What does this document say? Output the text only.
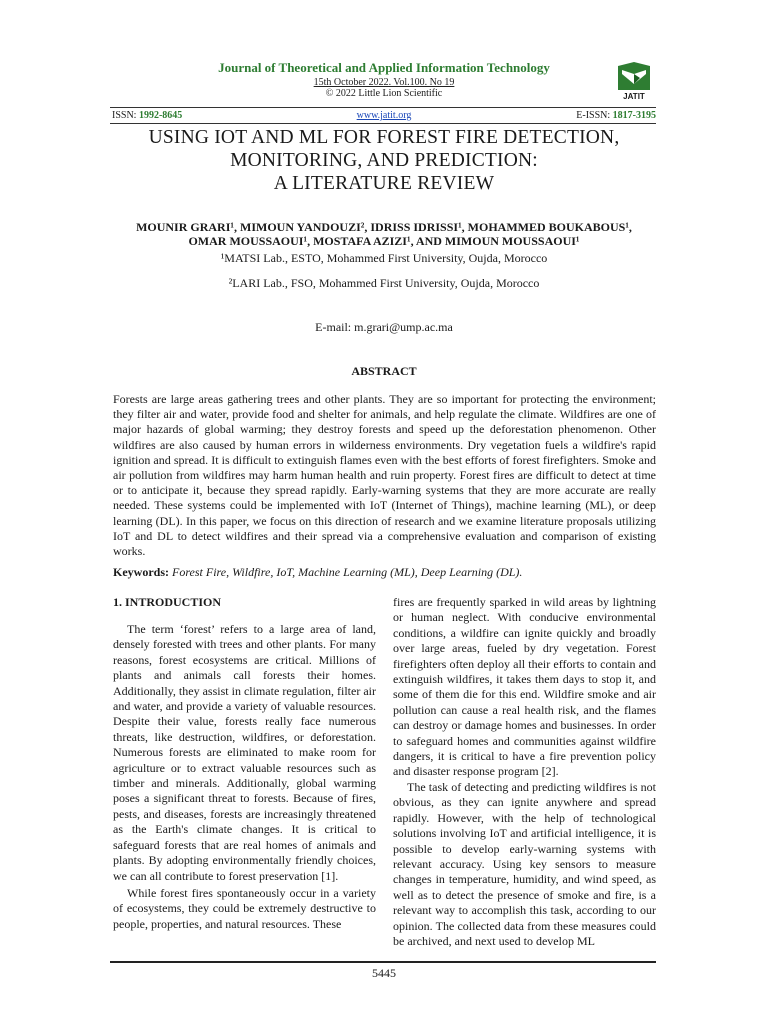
Journal of Theoretical and Applied Information Technology
15th October 2022. Vol.100. No 19
© 2022 Little Lion Scientific	JATIT
ISSN: 1992-8645	www.jatit.org	E-ISSN: 1817-3195
USING IOT AND ML FOR FOREST FIRE DETECTION,
MONITORING, AND PREDICTION:
A LITERATURE REVIEW
MOUNIR GRARI¹, MIMOUN YANDOUZI², IDRISS IDRISSI¹, MOHAMMED BOUKABOUS¹,
OMAR MOUSSAOUI¹, MOSTAFA AZIZI¹, AND MIMOUN MOUSSAOUI¹
¹MATSI Lab., ESTO, Mohammed First University, Oujda, Morocco
²LARI Lab., FSO, Mohammed First University, Oujda, Morocco
E-mail: m.grari@ump.ac.ma
ABSTRACT
Forests are large areas gathering trees and other plants. They are so important for protecting the environment; they filter air and water, provide food and shelter for animals, and help regulate the climate. Wildfires are one of major hazards of global warming; they destroy forests and speed up the deforestation phenomenon. Other wildfires are also caused by human errors in wilderness environments. Dry vegetation fuels a wildfire's rapid ignition and spread. It is difficult to extinguish flames even with the best efforts of forest firefighters. Smoke and air pollution from wildfires may harm human health and ruin property. Forest fires are difficult to detect at time or to anticipate it, because they spread rapidly. Early-warning systems that they are more accurate are really needed. These systems could be implemented with IoT (Internet of Things), machine learning (ML), or deep learning (DL). In this paper, we focus on this direction of research and we examine literature proposals utilizing IoT and DL to detect wildfires and their spread via a comprehensive evaluation and comparison of existing works.
Keywords: Forest Fire, Wildfire, IoT, Machine Learning (ML), Deep Learning (DL).
1. INTRODUCTION

The term ‘forest’ refers to a large area of land, densely forested with trees and other plants. For many reasons, forest ecosystems are critical. Millions of plants and animals call forests their homes. Additionally, they assist in climate regulation, filter air and water, and provide a variety of valuable resources. Despite their value, forests really face numerous threats, like destruction, wildfires, or deforestation. Numerous forests are eliminated to make room for agriculture or to extract valuable resources such as timber and minerals. Additionally, global warming poses a significant threat to forests. Because of fires, pests, and diseases, forests are increasingly threatened as the Earth's climate changes. It is critical to safeguard forests that are real homes of animals and plants. By adopting environmentally friendly choices, we can all contribute to forest preservation [1].

While forest fires spontaneously occur in a variety of ecosystems, they could be extremely destructive to people, properties, and natural resources. These

fires are frequently sparked in wild areas by lightning or human neglect. With conducive environmental conditions, a wildfire can ignite quickly and broadly over large areas, fueled by dry vegetation. Forest firefighters often deploy all their efforts to contain and extinguish wildfires, it takes them days to stop it, and some of them die for this end. Wildfire smoke and air pollution can cause a real health risk, and the flames can destroy or damage homes and businesses. In order to safeguard homes and communities against wildfire dangers, it is critical to have a fire prevention policy and disaster response program [2].

The task of detecting and predicting wildfires is not obvious, as they can ignite anywhere and spread rapidly. However, with the help of technological solutions involving IoT and artificial intelligence, it is possible to develop early-warning systems with relevant accuracy. Using key sensors to measure changes in temperature, humidity, and wind speed, as well as to detect the presence of smoke and fire, is a relevant way to accomplish this task, according to our opinion. The collected data from these measures could be archived, and next used to develop ML

5445
